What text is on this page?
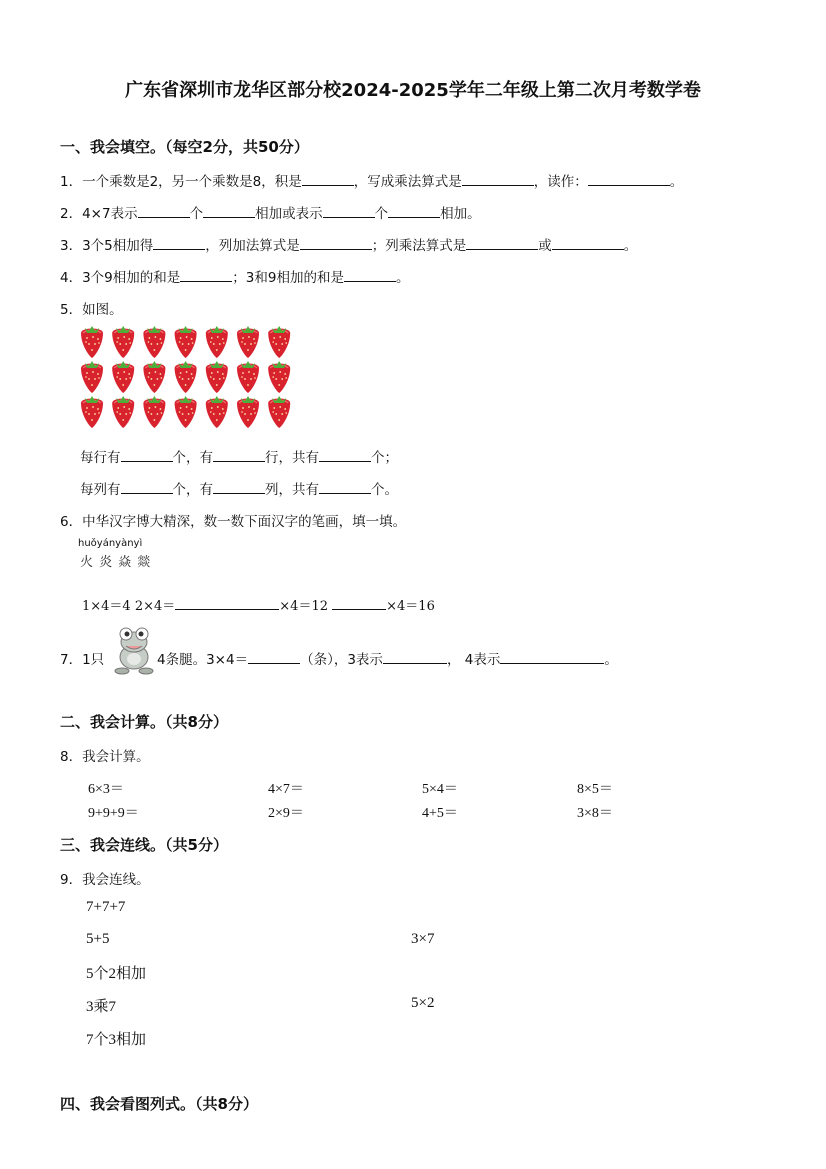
广东省深圳市龙华区部分校2024-2025学年二年级上第二次月考数学卷
一、我会填空。（每空2分，共50分）
1．一个乘数是2，另一个乘数是8，积是	，写成乘法算式是	，读作：	。
2．4×7表示	个	相加或表示	个	相加。
3．3个5相加得	，列加法算式是	；列乘法算式是	或	。
4．3个9相加的和是	；3和9相加的和是	。
5．如图。
每行有	个，有	行，共有	个；
每列有	个，有	列，共有	个。
6．中华汉字博大精深，数一数下面汉字的笔画，填一填。
huǒyányànyì
火 炎 焱 燚
1×4＝4 2×4＝	×4＝12	×4＝16
7．1只	4条腿。3×4＝	（条），3表示	， 4表示	。
二、我会计算。（共8分）
8．我会计算。
6×3＝	4×7＝	5×4＝	8×5＝
9+9+9＝	2×9＝	4+5＝	3×8＝
三、我会连线。（共5分）
9．我会连线。
7+7+7
5+5
5个2相加
3乘7
7个3相加
3×7
5×2
四、我会看图列式。（共8分）
